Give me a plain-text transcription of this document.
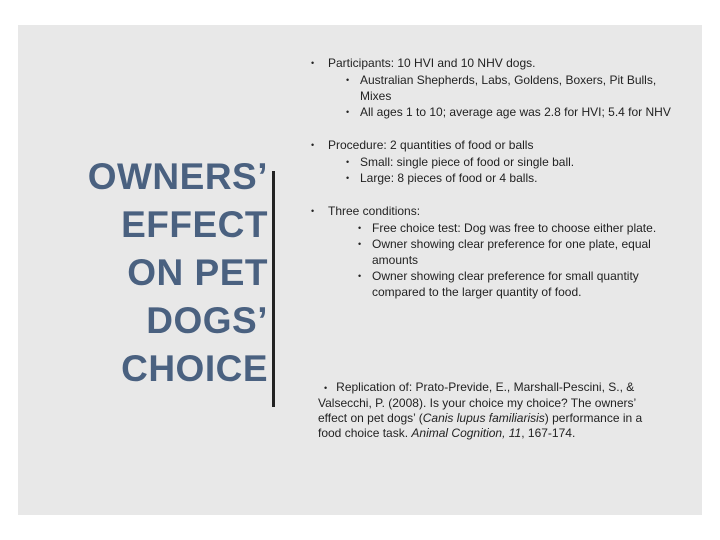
OWNERS’
EFFECT
ON PET
DOGS’
CHOICE
• Participants: 10 HVI and 10 NHV dogs.
• Australian Shepherds, Labs, Goldens, Boxers, Pit Bulls, Mixes
• All ages 1 to 10; average age was 2.8 for HVI; 5.4 for NHV
• Procedure: 2 quantities of food or balls
• Small: single piece of food or single ball.
• Large: 8 pieces of food or 4 balls.
• Three conditions:
• Free choice test: Dog was free to choose either plate.
• Owner showing clear preference for one plate, equal amounts
• Owner showing clear preference for small quantity compared to the larger quantity of food.
• Replication of: Prato-Previde, E., Marshall-Pescini, S., & Valsecchi, P. (2008). Is your choice my choice? The owners’ effect on pet dogs’ (Canis lupus familiarisis) performance in a food choice task. Animal Cognition, 11, 167-174.
